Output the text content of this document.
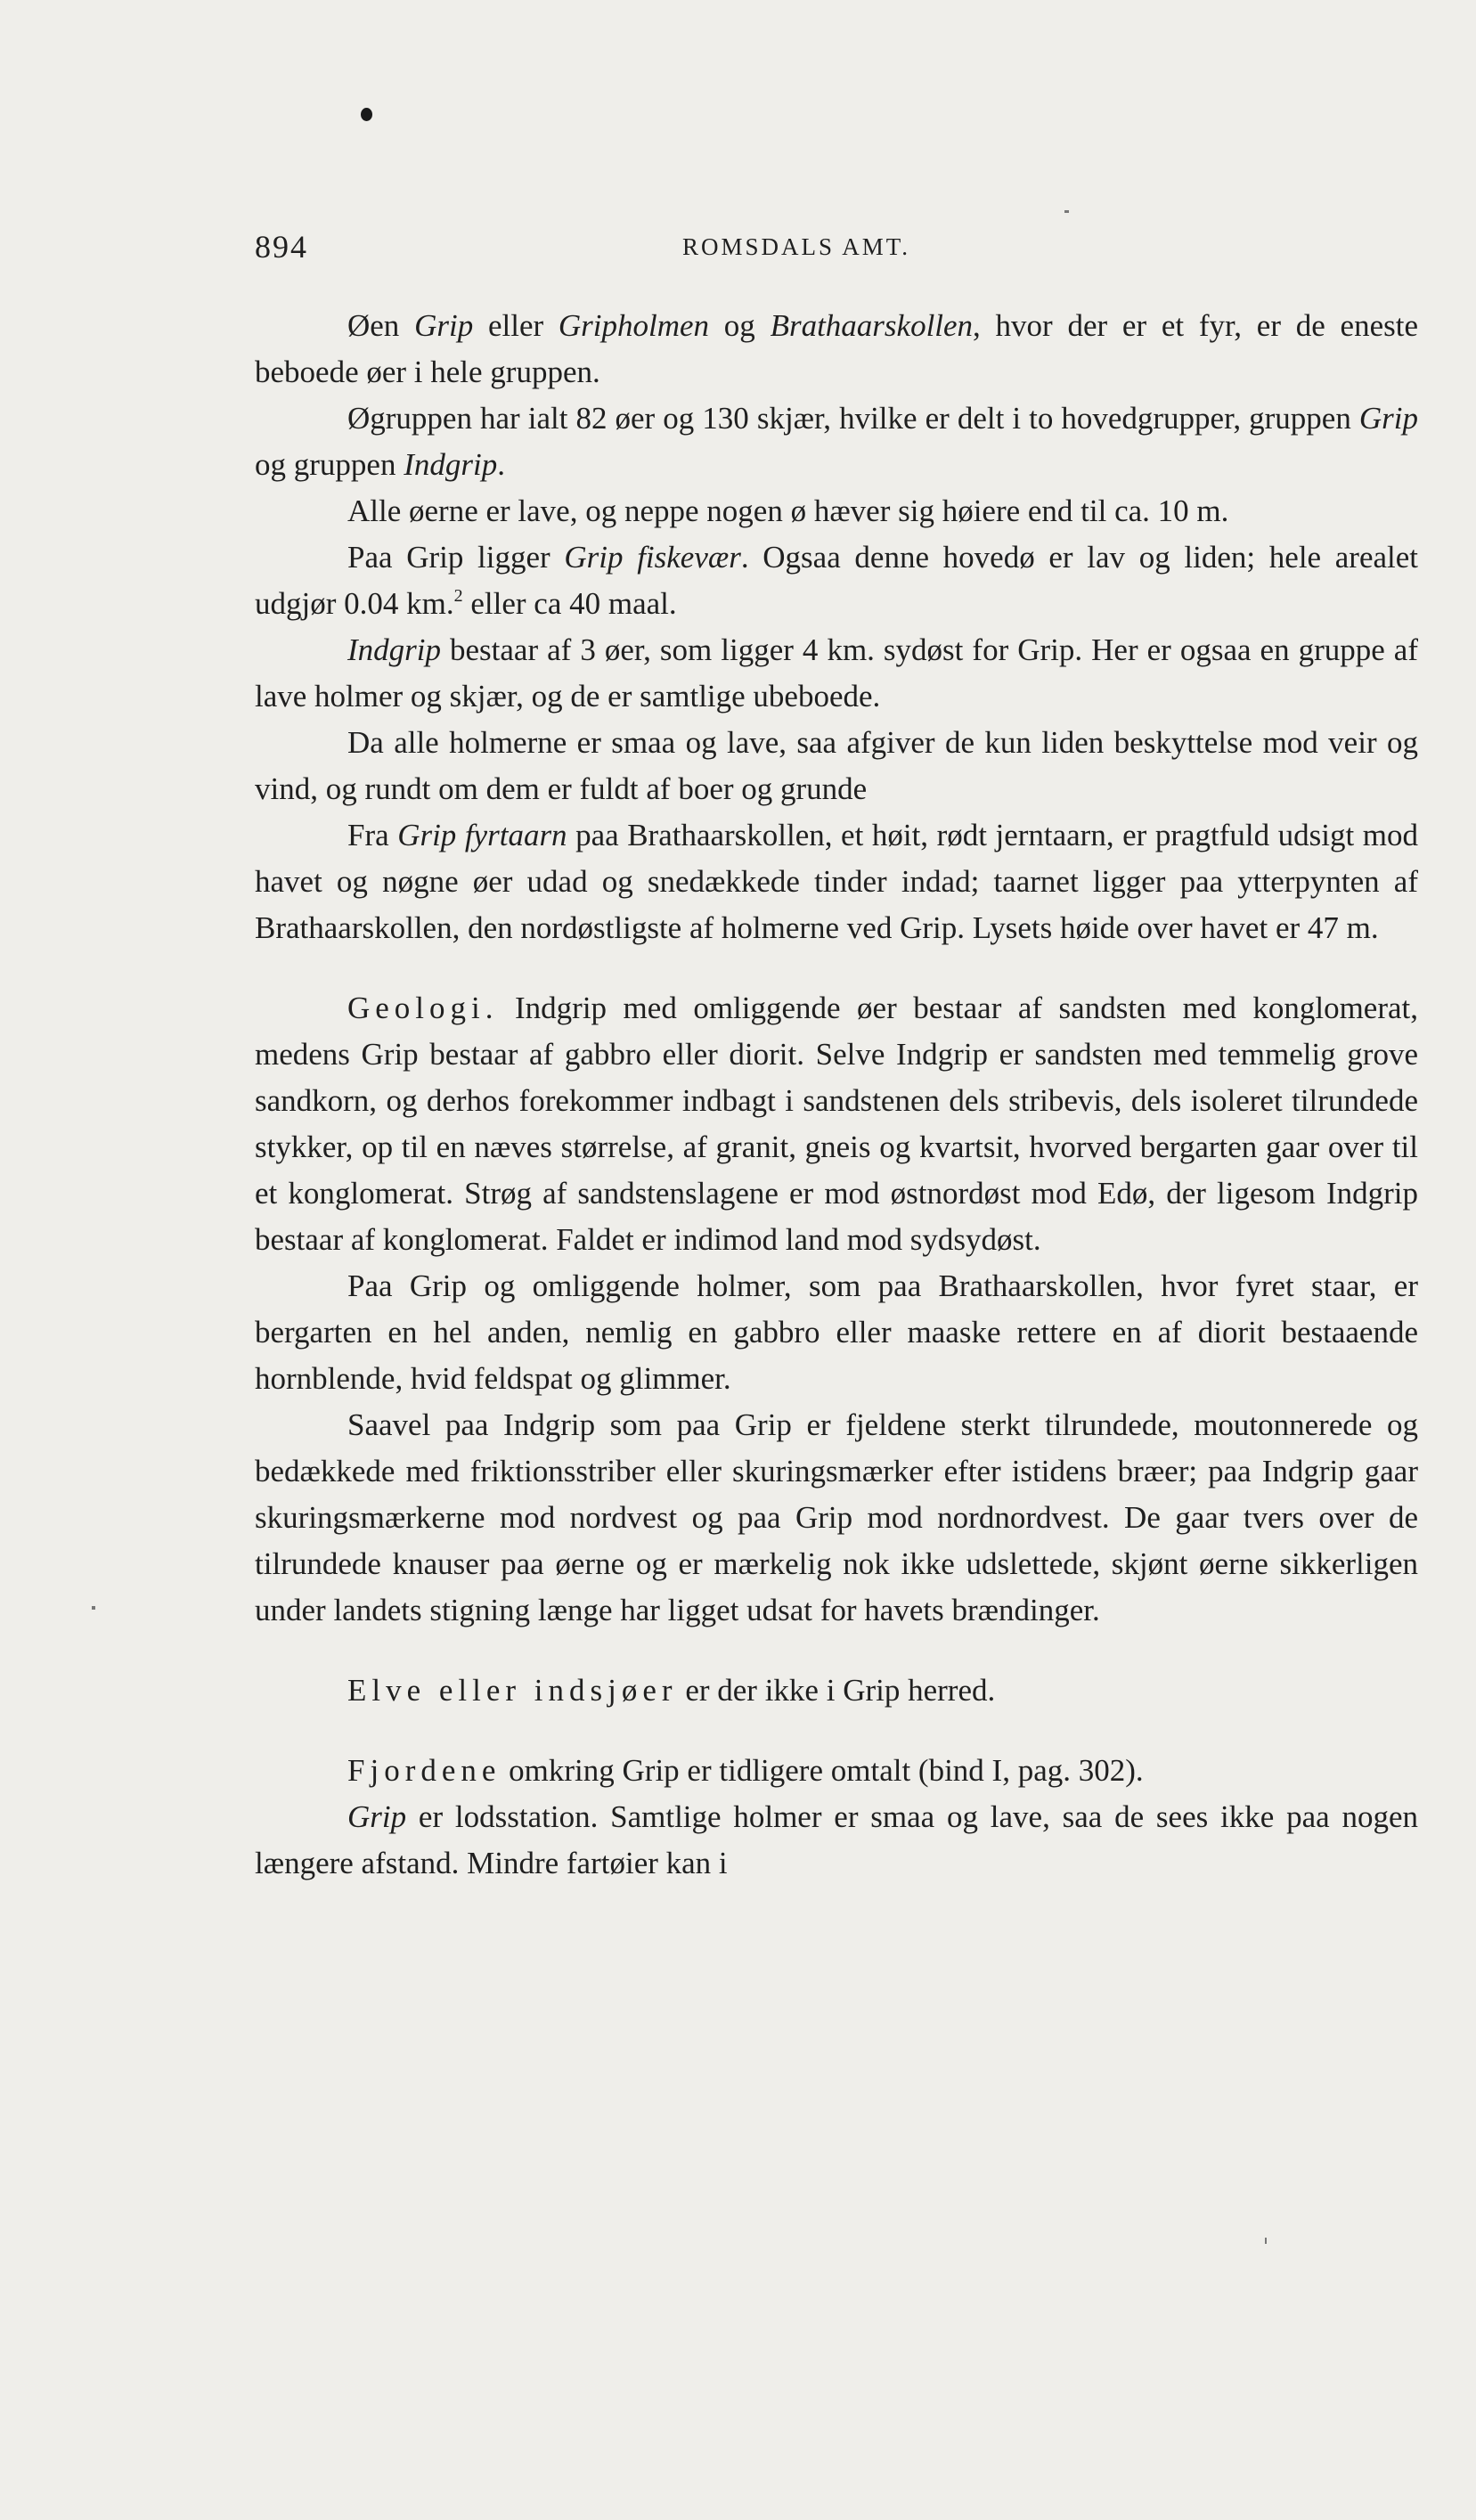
894	ROMSDALS AMT.

Øen Grip eller Gripholmen og Brathaarskollen, hvor der er et fyr, er de eneste beboede øer i hele gruppen.

Øgruppen har ialt 82 øer og 130 skjær, hvilke er delt i to hovedgrupper, gruppen Grip og gruppen Indgrip.

Alle øerne er lave, og neppe nogen ø hæver sig høiere end til ca. 10 m.

Paa Grip ligger Grip fiskevær. Ogsaa denne hovedø er lav og liden; hele arealet udgjør 0.04 km.$^2$ eller ca 40 maal.

Indgrip bestaar af 3 øer, som ligger 4 km. sydøst for Grip. Her er ogsaa en gruppe af lave holmer og skjær, og de er samtlige ubeboede.

Da alle holmerne er smaa og lave, saa afgiver de kun liden beskyttelse mod veir og vind, og rundt om dem er fuldt af boer og grunde

Fra Grip fyrtaarn paa Brathaarskollen, et høit, rødt jerntaarn, er pragtfuld udsigt mod havet og nøgne øer udad og snedækkede tinder indad; taarnet ligger paa ytterpynten af Brathaarskollen, den nordøstligste af holmerne ved Grip. Lysets høide over havet er 47 m.

Geologi. Indgrip med omliggende øer bestaar af sandsten med konglomerat, medens Grip bestaar af gabbro eller diorit. Selve Indgrip er sandsten med temmelig grove sandkorn, og derhos forekommer indbagt i sandstenen dels stribevis, dels isoleret tilrundede stykker, op til en næves størrelse, af granit, gneis og kvartsit, hvorved bergarten gaar over til et konglomerat. Strøg af sandstenslagene er mod østnordøst mod Edø, der ligesom Indgrip bestaar af konglomerat. Faldet er indimod land mod sydsydøst.

Paa Grip og omliggende holmer, som paa Brathaarskollen, hvor fyret staar, er bergarten en hel anden, nemlig en gabbro eller maaske rettere en af diorit bestaaende hornblende, hvid feldspat og glimmer.

Saavel paa Indgrip som paa Grip er fjeldene sterkt tilrundede, moutonnerede og bedækkede med friktionsstriber eller skuringsmærker efter istidens bræer; paa Indgrip gaar skuringsmærkerne mod nordvest og paa Grip mod nordnordvest. De gaar tvers over de tilrundede knauser paa øerne og er mærkelig nok ikke udslettede, skjønt øerne sikkerligen under landets stigning længe har ligget udsat for havets brændinger.

Elve eller indsjøer er der ikke i Grip herred.

Fjordene omkring Grip er tidligere omtalt (bind I, pag. 302).

Grip er lodsstation. Samtlige holmer er smaa og lave, saa de sees ikke paa nogen længere afstand. Mindre fartøier kan i
